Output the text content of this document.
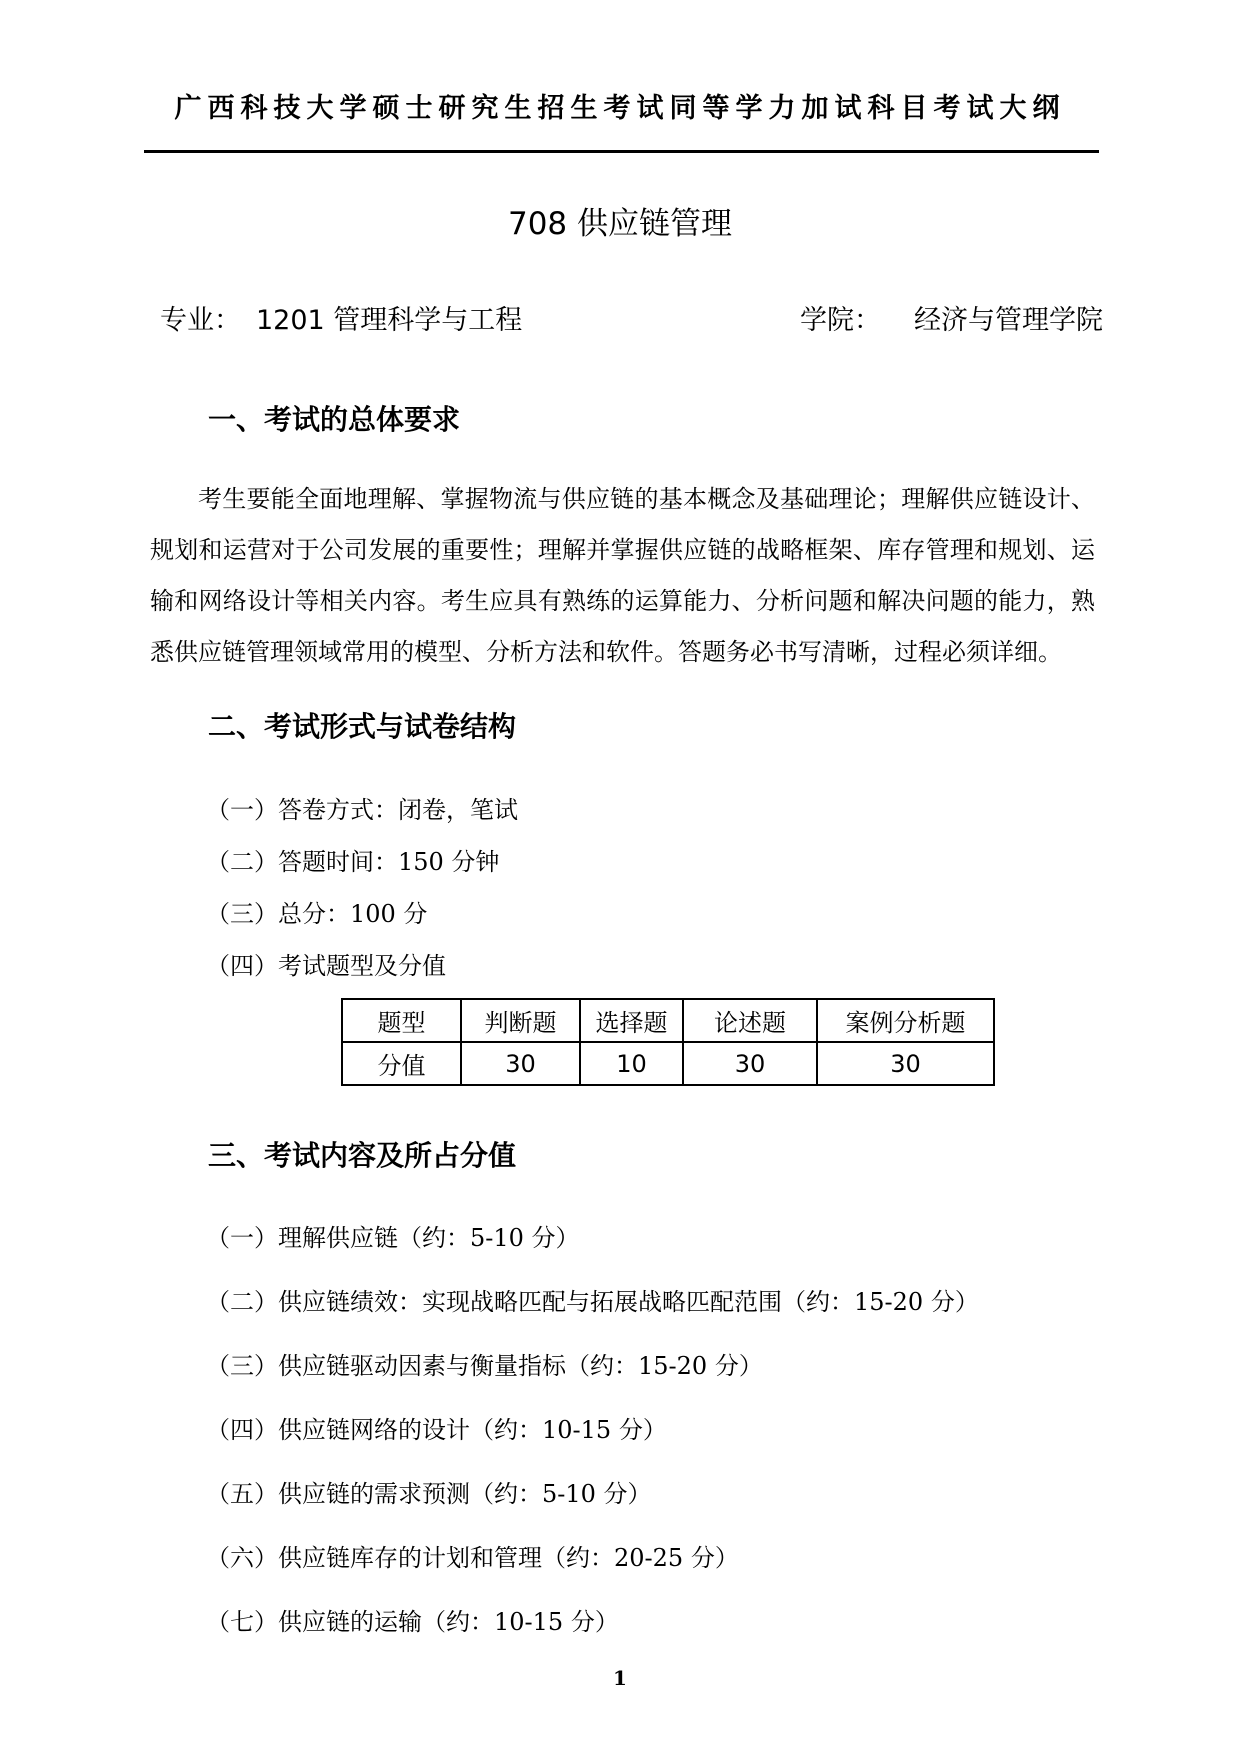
广西科技大学硕士研究生招生考试同等学力加试科目考试大纲
708 供应链管理
专业： 1201 管理科学与工程	学院： 经济与管理学院
一、考试的总体要求
考生要能全面地理解、掌握物流与供应链的基本概念及基础理论；理解供应链设计、规划和运营对于公司发展的重要性；理解并掌握供应链的战略框架、库存管理和规划、运输和网络设计等相关内容。考生应具有熟练的运算能力、分析问题和解决问题的能力，熟悉供应链管理领域常用的模型、分析方法和软件。答题务必书写清晰，过程必须详细。
二、考试形式与试卷结构
（一）答卷方式：闭卷，笔试
（二）答题时间：150 分钟
（三）总分：100 分
（四）考试题型及分值
题型	判断题	选择题	论述题	案例分析题
分值	30	10	30	30
三、考试内容及所占分值
（一）理解供应链（约：5-10 分）
（二）供应链绩效：实现战略匹配与拓展战略匹配范围（约：15-20 分）
（三）供应链驱动因素与衡量指标（约：15-20 分）
（四）供应链网络的设计（约：10-15 分）
（五）供应链的需求预测（约：5-10 分）
（六）供应链库存的计划和管理（约：20-25 分）
（七）供应链的运输（约：10-15 分）
1
